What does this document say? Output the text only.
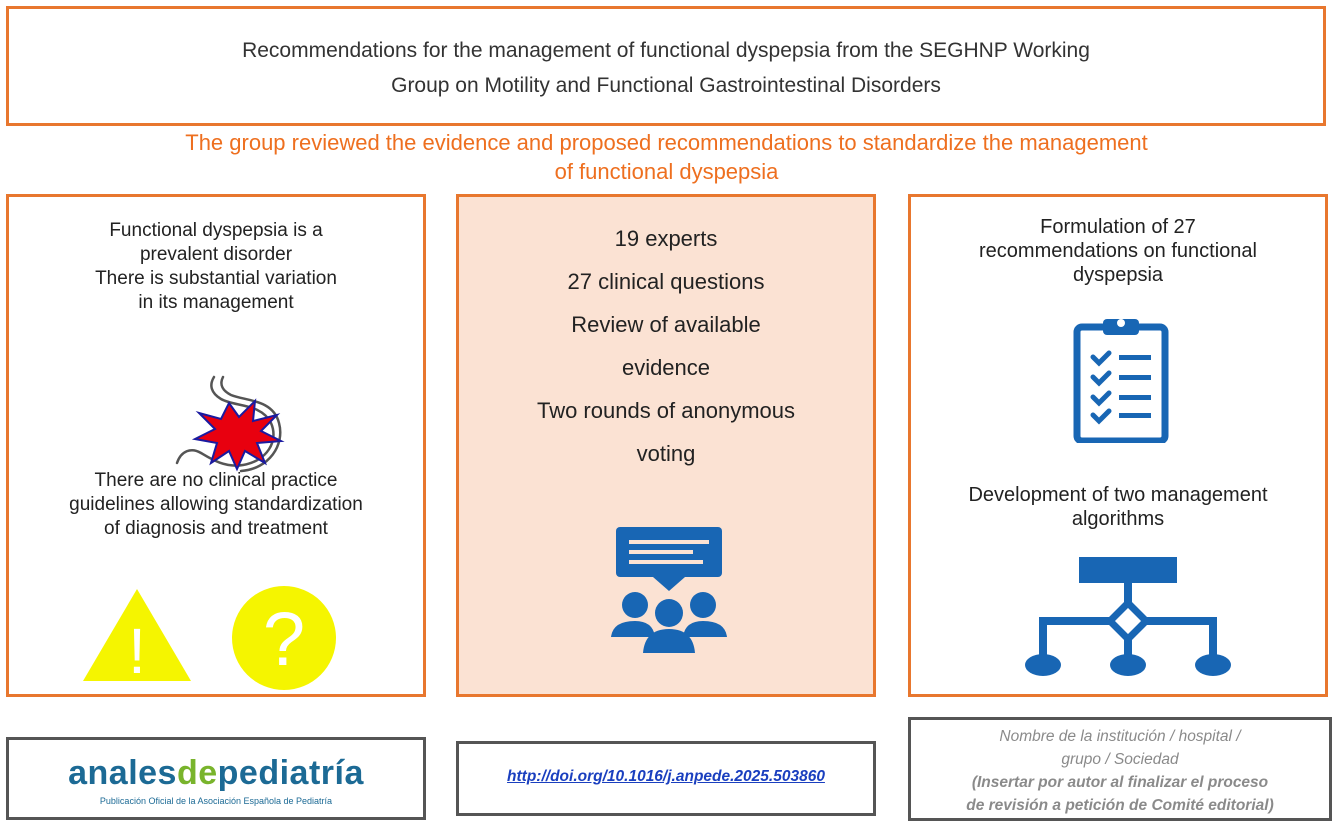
Recommendations for the management of functional dyspepsia from the SEGHNP Working
Group on Motility and Functional Gastrointestinal Disorders
The group reviewed the evidence and proposed recommendations to standardize the management
of functional dyspepsia
Functional dyspepsia is a
prevalent disorder
There is substantial variation
in its management
There are no clinical practice
guidelines allowing standardization
of diagnosis and treatment
! ?
19 experts
27 clinical questions
Review of available
evidence
Two rounds of anonymous
voting
Formulation of 27
recommendations on functional
dyspepsia
Development of two management
algorithms
analesdepediatría
Publicación Oficial de la Asociación Española de Pediatría
http://doi.org/10.1016/j.anpede.2025.503860
Nombre de la institución / hospital /
grupo / Sociedad
(Insertar por autor al finalizar el proceso
de revisión a petición de Comité editorial)
